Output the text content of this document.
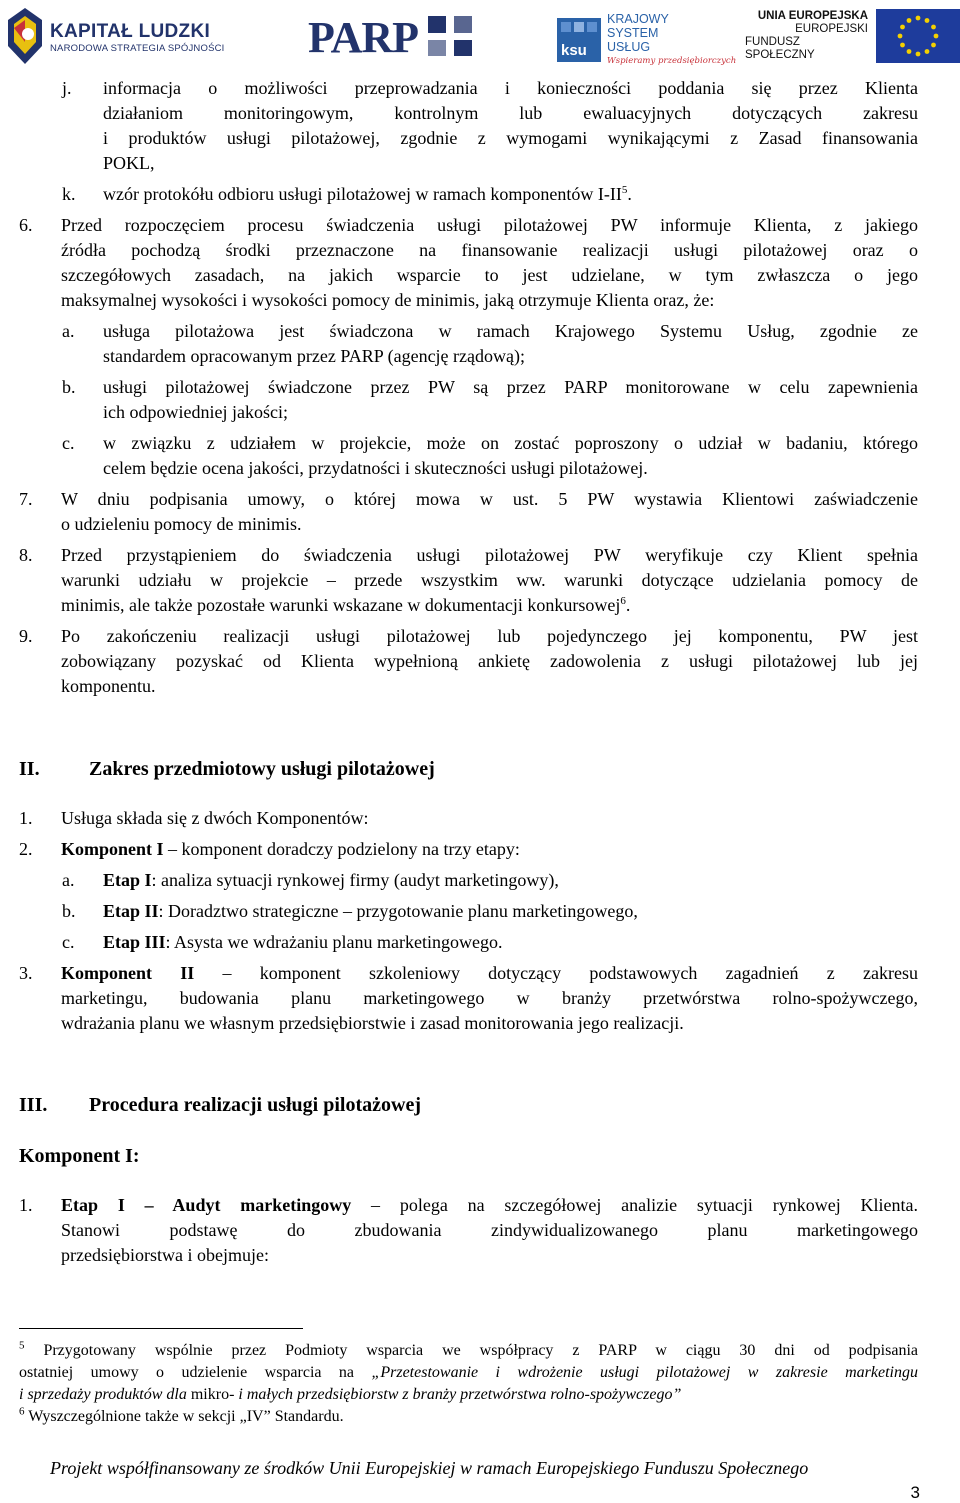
KAPITAŁ LUDZKI
NARODOWA STRATEGIA SPÓJNOŚCI PARP	ksu
KRAJOWY
SYSTEM
USŁUG
Wspieramy przedsiębiorczych
UNIA EUROPEJSKA
EUROPEJSKI
FUNDUSZ SPOŁECZNY
j. informacja o możliwości przeprowadzania i konieczności poddania się przez Klienta
działaniom monitoringowym, kontrolnym lub ewaluacyjnych dotyczących zakresu
i produktów usługi pilotażowej, zgodnie z wymogami wynikającymi z Zasad finansowania
POKL,
k. wzór protokółu odbioru usługi pilotażowej w ramach komponentów $I-II^5$.
6. Przed rozpoczęciem procesu świadczenia usługi pilotażowej PW informuje Klienta, z jakiego
źródła pochodzą środki przeznaczone na finansowanie realizacji usługi pilotażowej oraz o
szczegółowych zasadach, na jakich wsparcie to jest udzielane, w tym zwłaszcza o jego
maksymalnej wysokości i wysokości pomocy de minimis, jaką otrzymuje Klienta oraz, że:
a. usługa pilotażowa jest świadczona w ramach Krajowego Systemu Usług, zgodnie ze
standardem opracowanym przez PARP (agencję rządową);
b. usługi pilotażowej świadczone przez PW są przez PARP monitorowane w celu zapewnienia
ich odpowiedniej jakości;
c. w związku z udziałem w projekcie, może on zostać poproszony o udział w badaniu, którego
celem będzie ocena jakości, przydatności i skuteczności usługi pilotażowej.
7. W dniu podpisania umowy, o której mowa w ust. 5 PW wystawia Klientowi zaświadczenie
o udzieleniu pomocy de minimis.
8. Przed przystąpieniem do świadczenia usługi pilotażowej PW weryfikuje czy Klient spełnia
warunki udziału w projekcie – przede wszystkim ww. warunki dotyczące udzielania pomocy de
minimis, ale także pozostałe warunki wskazane w dokumentacji konkursowej$^6$.
9. Po zakończeniu realizacji usługi pilotażowej lub pojedynczego jej komponentu, PW jest
zobowiązany pozyskać od Klienta wypełnioną ankietę zadowolenia z usługi pilotażowej lub jej
komponentu.
II. Zakres przedmiotowy usługi pilotażowej
1. Usługa składa się z dwóch Komponentów:
2. Komponent I – komponent doradczy podzielony na trzy etapy:
a. Etap I: analiza sytuacji rynkowej firmy (audyt marketingowy),
b. Etap II: Doradztwo strategiczne – przygotowanie planu marketingowego,
c. Etap III: Asysta we wdrażaniu planu marketingowego.
3. Komponent II – komponent szkoleniowy dotyczący podstawowych zagadnień z zakresu
marketingu, budowania planu marketingowego w branży przetwórstwa rolno-spożywczego,
wdrażania planu we własnym przedsiębiorstwie i zasad monitorowania jego realizacji.
III. Procedura realizacji usługi pilotażowej
Komponent I:
1. Etap I – Audyt marketingowy – polega na szczegółowej analizie sytuacji rynkowej Klienta.
Stanowi podstawę do zbudowania zindywidualizowanego planu marketingowego
przedsiębiorstwa i obejmuje:
$^5$ Przygotowany wspólnie przez Podmioty wsparcia we współpracy z PARP w ciągu 30 dni od podpisania
ostatniej umowy o udzielenie wsparcia na „Przetestowanie i wdrożenie usługi pilotażowej w zakresie marketingu
i sprzedaży produktów dla mikro- i małych przedsiębiorstw z branży przetwórstwa rolno-spożywczego”
$^6$ Wyszczególnione także w sekcji „IV” Standardu.
Projekt współfinansowany ze środków Unii Europejskiej w ramach Europejskiego Funduszu Społecznego
3
